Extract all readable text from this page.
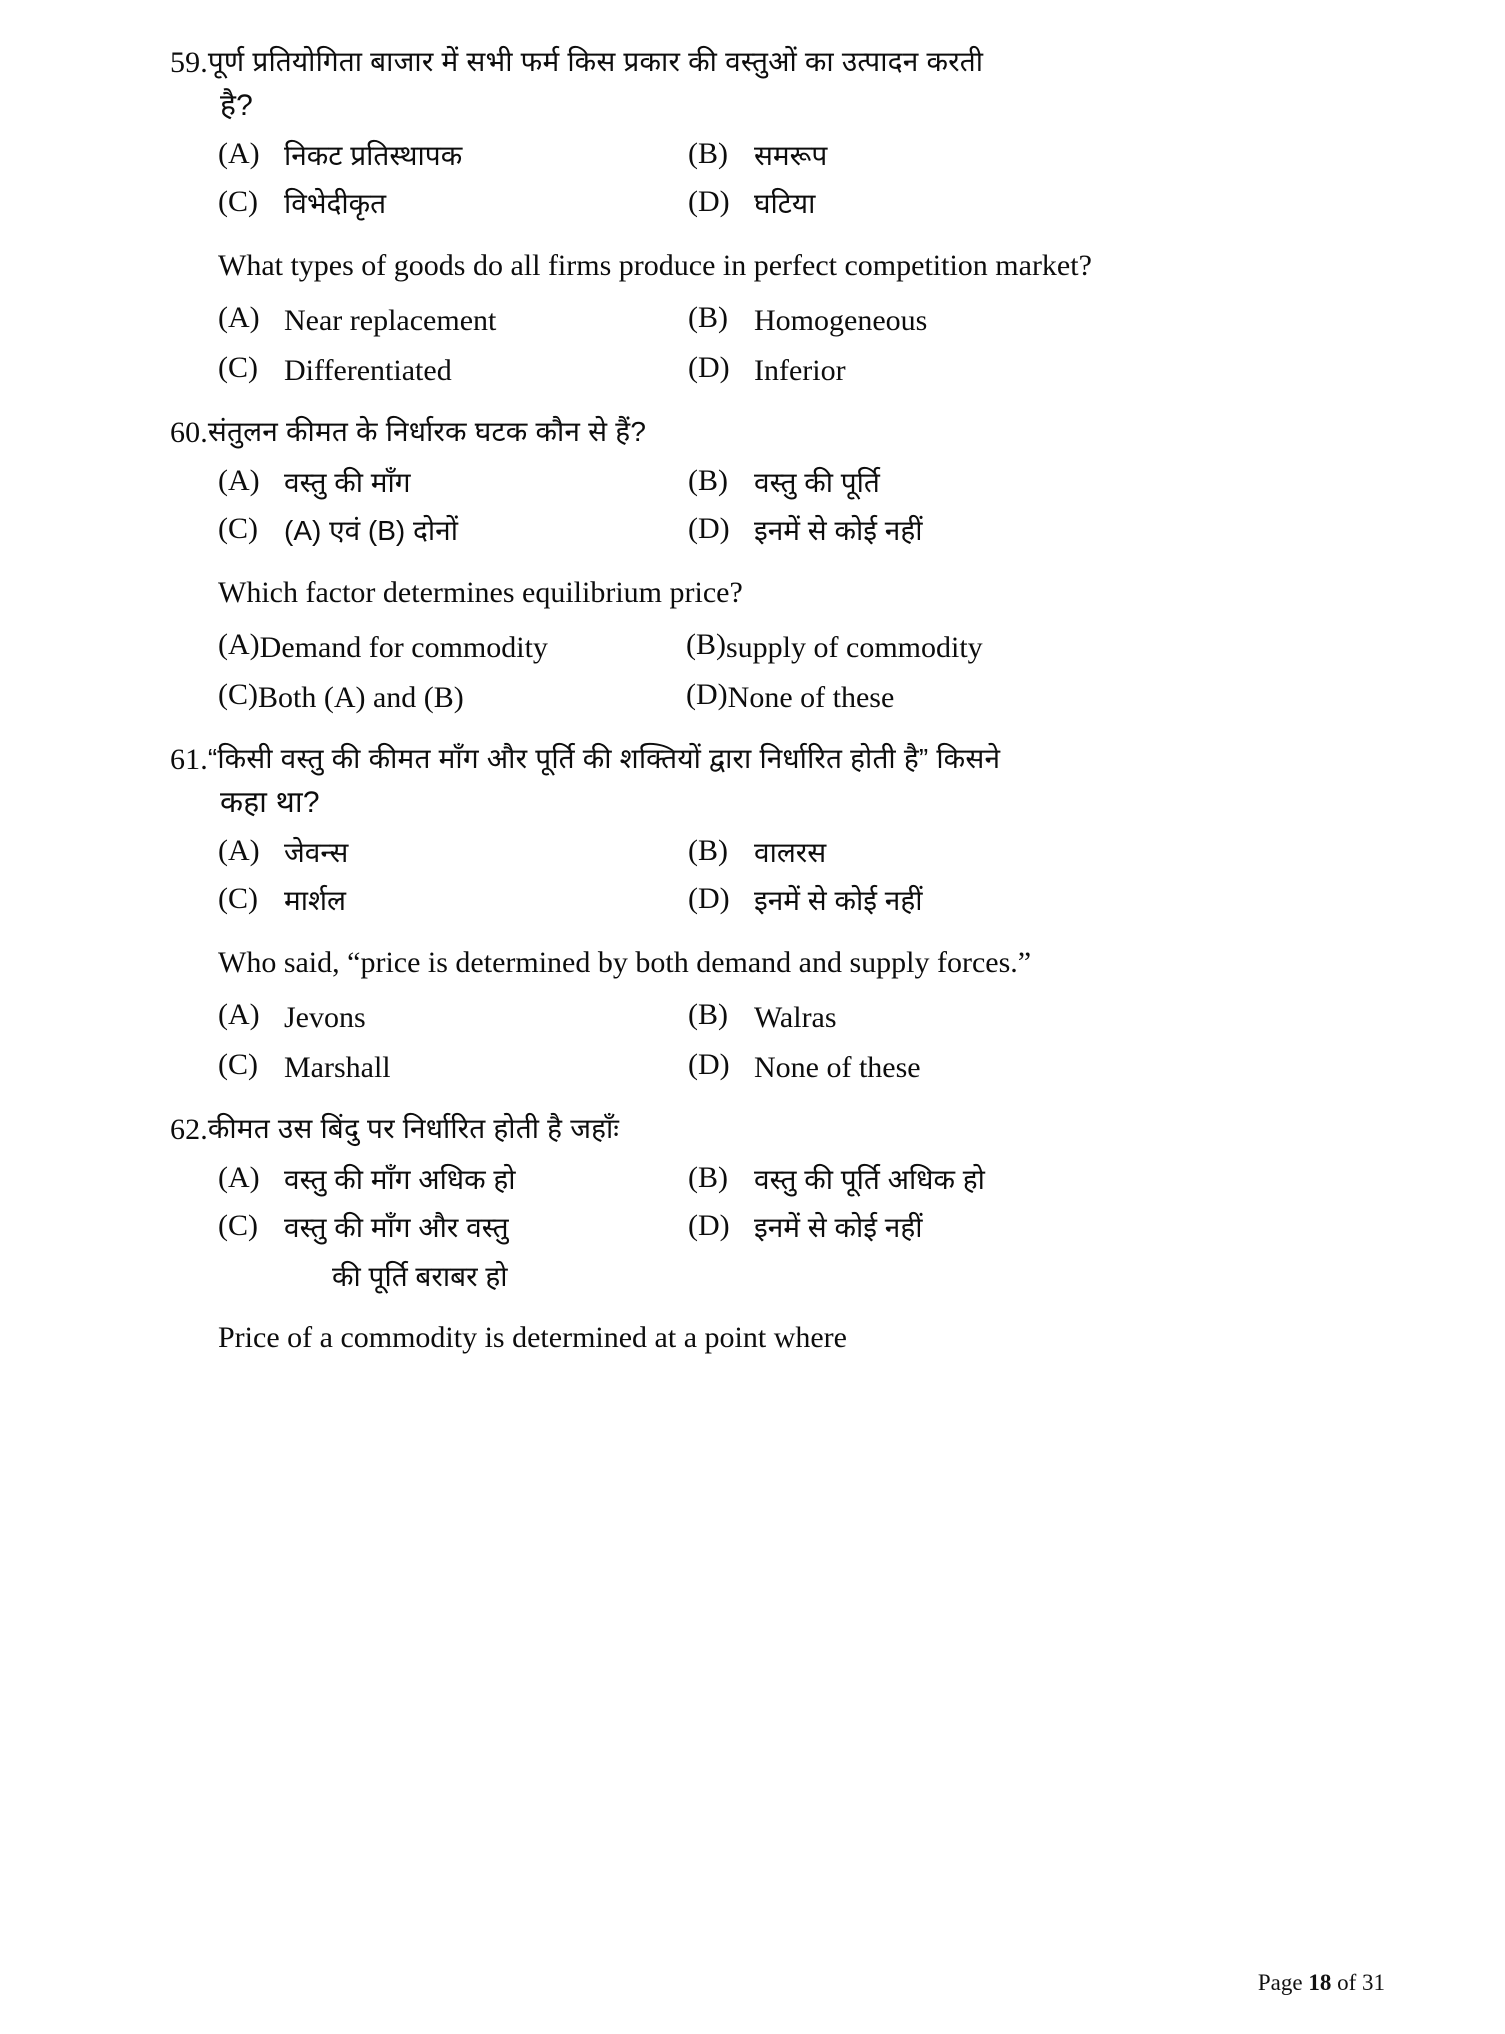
59. पूर्ण प्रतियोगिता बाजार में सभी फर्म किस प्रकार की वस्तुओं का उत्पादन करती
है?
(A) निकट प्रतिस्थापक	(B) समरूप
(C) विभेदीकृत	(D) घटिया
What types of goods do all firms produce in perfect competition market?
(A) Near replacement	(B) Homogeneous
(C) Differentiated	(D) Inferior
60. संतुलन कीमत के निर्धारक घटक कौन से हैं?
(A) वस्तु की माँग	(B) वस्तु की पूर्ति
(C) (A) एवं (B) दोनों	(D) इनमें से कोई नहीं
Which factor determines equilibrium price?
(A) Demand for commodity	(B) supply of commodity
(C) Both (A) and (B)	(D) None of these
61. “किसी वस्तु की कीमत माँग और पूर्ति की शक्तियों द्वारा निर्धारित होती है” किसने
कहा था?
(A) जेवन्स	(B) वालरस
(C) मार्शल	(D) इनमें से कोई नहीं
Who said, “price is determined by both demand and supply forces.”
(A) Jevons	(B) Walras
(C) Marshall	(D) None of these
62. कीमत उस बिंदु पर निर्धारित होती है जहाँः
(A) वस्तु की माँग अधिक हो	(B) वस्तु की पूर्ति अधिक हो
(C) वस्तु की माँग और वस्तु	(D) इनमें से कोई नहीं
की पूर्ति बराबर हो
Price of a commodity is determined at a point where
Page 18 of 31
